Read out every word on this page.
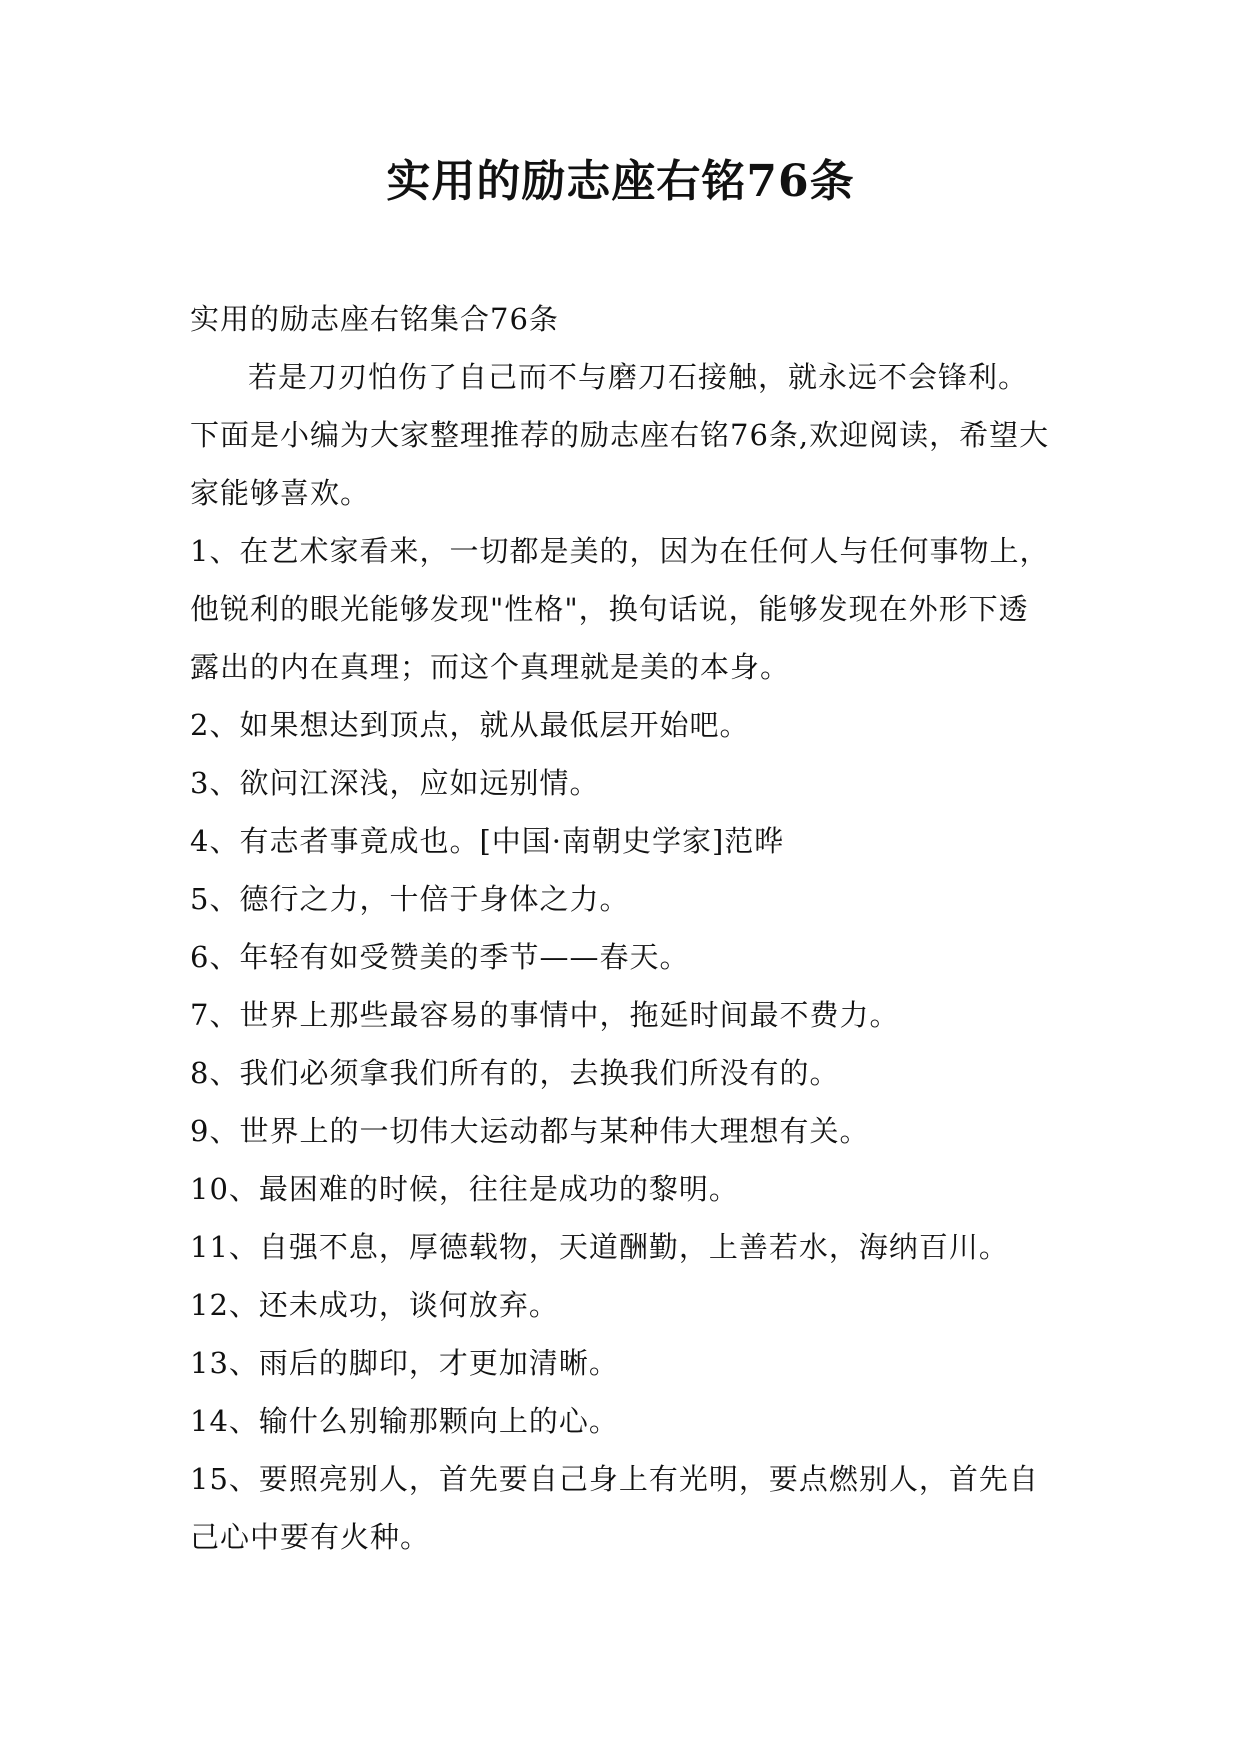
实用的励志座右铭76条

实用的励志座右铭集合76条

若是刀刃怕伤了自己而不与磨刀石接触，就永远不会锋利。下面是小编为大家整理推荐的励志座右铭76条,欢迎阅读，希望大家能够喜欢。

1、在艺术家看来，一切都是美的，因为在任何人与任何事物上，他锐利的眼光能够发现"性格"，换句话说，能够发现在外形下透露出的内在真理；而这个真理就是美的本身。

2、如果想达到顶点，就从最低层开始吧。

3、欲问江深浅，应如远别情。

4、有志者事竟成也。[中国·南朝史学家]范晔

5、德行之力，十倍于身体之力。

6、年轻有如受赞美的季节——春天。

7、世界上那些最容易的事情中，拖延时间最不费力。

8、我们必须拿我们所有的，去换我们所没有的。

9、世界上的一切伟大运动都与某种伟大理想有关。

10、最困难的时候，往往是成功的黎明。

11、自强不息，厚德载物，天道酬勤，上善若水，海纳百川。

12、还未成功，谈何放弃。

13、雨后的脚印，才更加清晰。

14、输什么别输那颗向上的心。

15、要照亮别人，首先要自己身上有光明，要点燃别人，首先自己心中要有火种。
